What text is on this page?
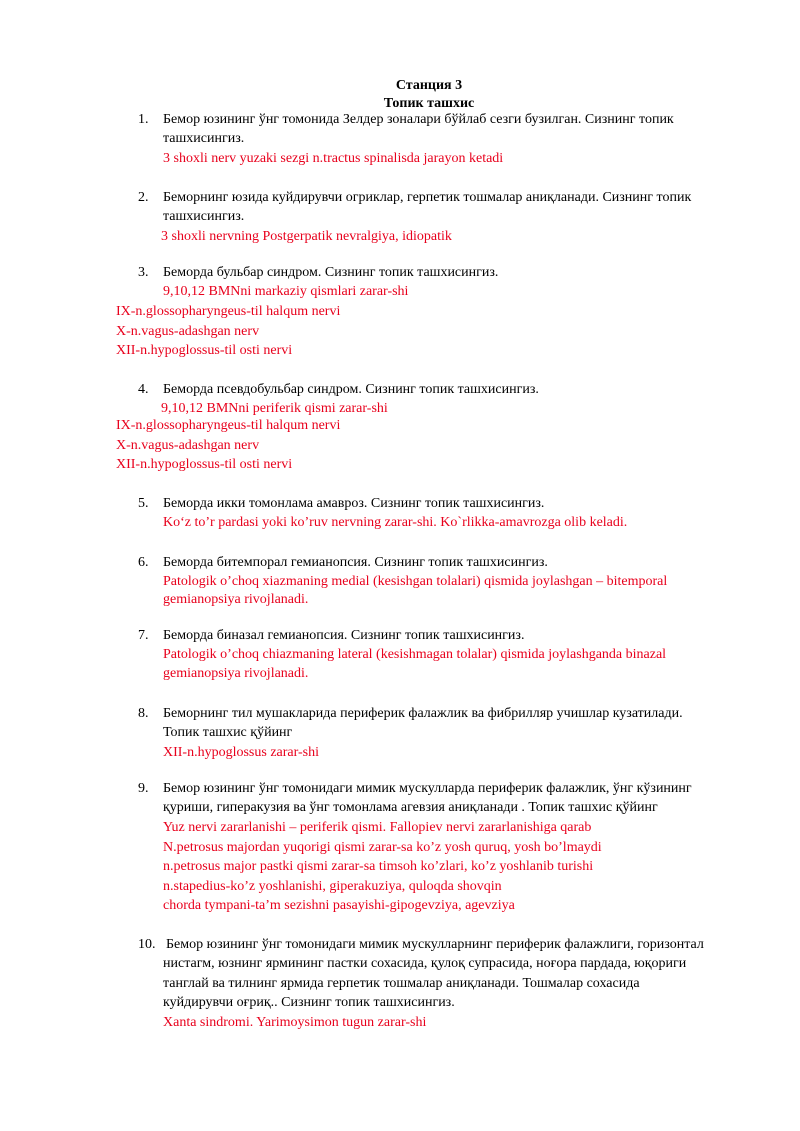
Станция 3
Топик ташхис
1. Бемор юзининг ўнг томонида Зелдер зоналари бўйлаб сезги бузилган. Сизнинг топик
ташхисингиз.
3 shoxli nerv yuzaki sezgi n.tractus spinalisda jarayon ketadi
2. Беморнинг юзида куйдирувчи огриклар, герпетик тошмалар аниқланади. Сизнинг топик
ташхисингиз.
3 shoxli nervning Postgerpatik nevralgiya, idiopatik
3. Беморда бульбар синдром. Сизнинг топик ташхисингиз.
9,10,12 BMNni markaziy qismlari zarar-shi
IX-n.glossopharyngeus-til halqum nervi
X-n.vagus-adashgan nerv
XII-n.hypoglossus-til osti nervi
4. Беморда псевдобульбар синдром. Сизнинг топик ташхисингиз.
9,10,12 BMNni periferik qismi zarar-shi
IX-n.glossopharyngeus-til halqum nervi
X-n.vagus-adashgan nerv
XII-n.hypoglossus-til osti nervi
5. Беморда икки томонлама амавроз. Сизнинг топик ташхисингиз.
Ko‘z to’r pardasi yoki ko’ruv nervning zarar-shi. Ko`rlikka-amavrozga olib keladi.
6. Беморда битемпорал гемианопсия. Сизнинг топик ташхисингиз.
Patologik o’choq xiazmaning medial (kesishgan tolalari) qismida joylashgan – bitemporal
gemianopsiya rivojlanadi.
7. Беморда биназал гемианопсия. Сизнинг топик ташхисингиз.
Patologik o’choq chiazmaning lateral (kesishmagan tolalar) qismida joylashganda binazal
gemianopsiya rivojlanadi.
8. Беморнинг тил мушакларида периферик фалажлик ва фибрилляр учишлар кузатилади.
Топик ташхис қўйинг
XII-n.hypoglossus zarar-shi
9. Бемор юзининг ўнг томонидаги мимик мускулларда периферик фалажлик, ўнг кўзининг
қуриши, гиперакузия ва ўнг томонлама агевзия аниқланади . Топик ташхис қўйинг
Yuz nervi zararlanishi – periferik qismi. Fallopiev nervi zararlanishiga qarab
N.petrosus majordan yuqorigi qismi zarar-sa ko’z yosh quruq, yosh bo’lmaydi
n.petrosus major pastki qismi zarar-sa timsoh ko’zlari, ko’z yoshlanib turishi
n.stapedius-ko’z yoshlanishi, giperakuziya, quloqda shovqin
chorda tympani-ta’m sezishni pasayishi-gipogevziya, agevziya
10. Бемор юзининг ўнг томонидаги мимик мускулларнинг периферик фалажлиги, горизонтал
нистагм, юзнинг ярмининг пастки сохасида, қулоқ супрасида, ноғора пардада, юқориги
танглай ва тилнинг ярмида герпетик тошмалар аниқланади. Тошмалар сохасида
куйдирувчи оғриқ.. Сизнинг топик ташхисингиз.
Xanta sindromi. Yarimoysimon tugun zarar-shi
